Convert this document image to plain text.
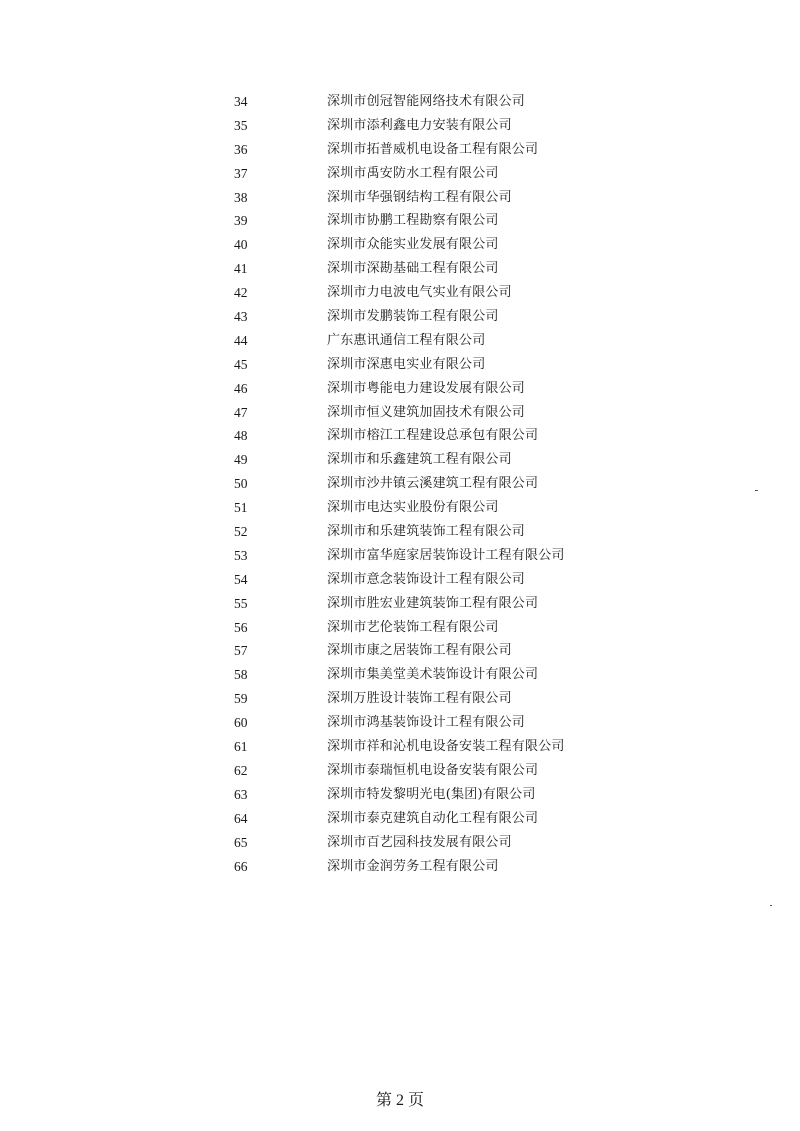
34	深圳市创冠智能网络技术有限公司
35	深圳市添利鑫电力安装有限公司
36	深圳市拓普威机电设备工程有限公司
37	深圳市禹安防水工程有限公司
38	深圳市华强钢结构工程有限公司
39	深圳市协鹏工程勘察有限公司
40	深圳市众能实业发展有限公司
41	深圳市深勘基础工程有限公司
42	深圳市力电波电气实业有限公司
43	深圳市发鹏装饰工程有限公司
44	广东惠讯通信工程有限公司
45	深圳市深惠电实业有限公司
46	深圳市粤能电力建设发展有限公司
47	深圳市恒义建筑加固技术有限公司
48	深圳市榕江工程建设总承包有限公司
49	深圳市和乐鑫建筑工程有限公司
50	深圳市沙井镇云溪建筑工程有限公司
51	深圳市电达实业股份有限公司
52	深圳市和乐建筑装饰工程有限公司
53	深圳市富华庭家居装饰设计工程有限公司
54	深圳市意念装饰设计工程有限公司
55	深圳市胜宏业建筑装饰工程有限公司
56	深圳市艺伦装饰工程有限公司
57	深圳市康之居装饰工程有限公司
58	深圳市集美堂美术装饰设计有限公司
59	深圳万胜设计装饰工程有限公司
60	深圳市鸿基装饰设计工程有限公司
61	深圳市祥和沁机电设备安装工程有限公司
62	深圳市泰瑞恒机电设备安装有限公司
63	深圳市特发黎明光电(集团)有限公司
64	深圳市泰克建筑自动化工程有限公司
65	深圳市百艺园科技发展有限公司
66	深圳市金润劳务工程有限公司
第 2 页
